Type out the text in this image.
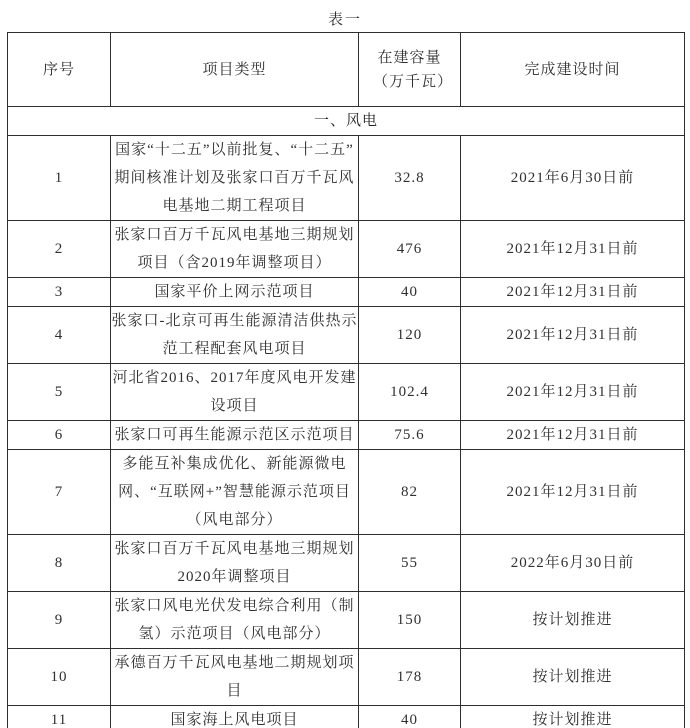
表一
序号	项目类型	在建容量（万千瓦）	完成建设时间
一、风电			
1	国家“十二五”以前批复、“十二五”期间核准计划及张家口百万千瓦风电基地二期工程项目	32.8	2021年6月30日前
2	张家口百万千瓦风电基地三期规划项目（含2019年调整项目）	476	2021年12月31日前
3	国家平价上网示范项目	40	2021年12月31日前
4	张家口-北京可再生能源清洁供热示范工程配套风电项目	120	2021年12月31日前
5	河北省2016、2017年度风电开发建设项目	102.4	2021年12月31日前
6	张家口可再生能源示范区示范项目	75.6	2021年12月31日前
7	多能互补集成优化、新能源微电网、“互联网+”智慧能源示范项目（风电部分）	82	2021年12月31日前
8	张家口百万千瓦风电基地三期规划2020年调整项目	55	2022年6月30日前
9	张家口风电光伏发电综合利用（制氢）示范项目（风电部分）	150	按计划推进
10	承德百万千瓦风电基地二期规划项目	178	按计划推进
11	国家海上风电项目	40	按计划推进
